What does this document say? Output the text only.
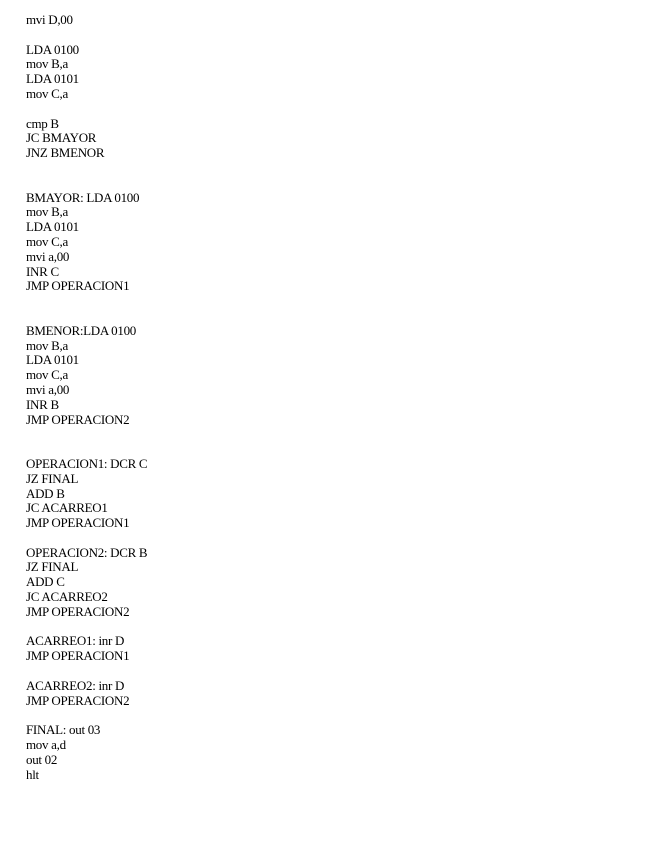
mvi D,00
LDA 0100
mov B,a
LDA 0101
mov C,a
cmp B
JC BMAYOR
JNZ BMENOR
BMAYOR: LDA 0100
mov B,a
LDA 0101
mov C,a
mvi a,00
INR C
JMP OPERACION1
BMENOR:LDA 0100
mov B,a
LDA 0101
mov C,a
mvi a,00
INR B
JMP OPERACION2
OPERACION1: DCR C
JZ FINAL
ADD B
JC ACARREO1
JMP OPERACION1
OPERACION2: DCR B
JZ FINAL
ADD C
JC ACARREO2
JMP OPERACION2
ACARREO1: inr D
JMP OPERACION1
ACARREO2: inr D
JMP OPERACION2
FINAL: out 03
mov a,d
out 02
hlt
